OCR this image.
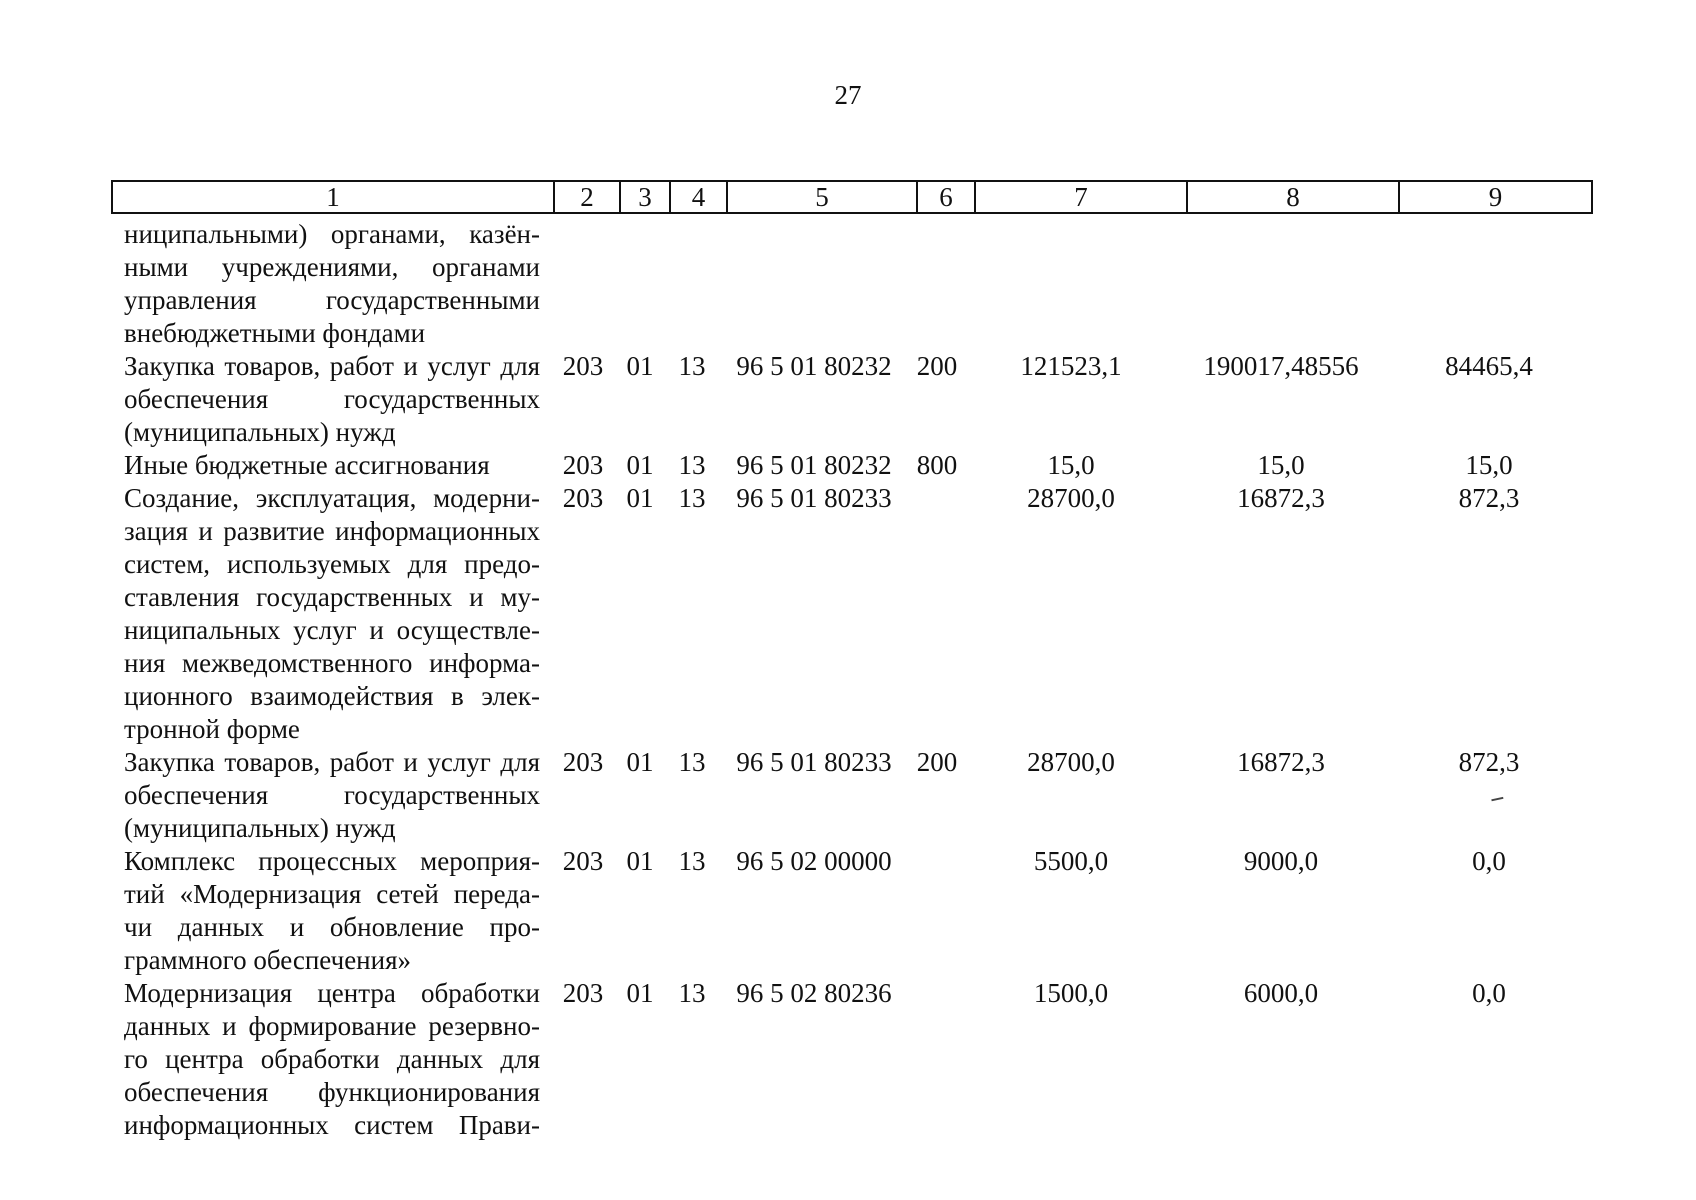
27
1	2	3	4	5	6	7	8	9
ниципальными) органами, казён-
ными учреждениями, органами
управления государственными
внебюджетными фондами
Закупка товаров, работ и услуг для
обеспечения государственных
(муниципальных) нужд
203 01 13	96 5 01 80232 200	121523,1	190017,48556	84465,4
Иные бюджетные ассигнования	203 01 13	96 5 01 80232 800	15,0	15,0	15,0
Создание, эксплуатация, модерни-
зация и развитие информационных
систем, используемых для предо-
ставления государственных и му-
ниципальных услуг и осуществле-
ния межведомственного информа-
ционного взаимодействия в элек-
тронной форме
203 01 13	96 5 01 80233	28700,0	16872,3	872,3
Закупка товаров, работ и услуг для
обеспечения государственных
(муниципальных) нужд
203 01 13	96 5 01 80233 200	28700,0	16872,3	872,3
Комплекс процессных мероприя-
тий «Модернизация сетей переда-
чи данных и обновление про-
граммного обеспечения»
203 01 13	96 5 02 00000	5500,0	9000,0	0,0
Модернизация центра обработки
данных и формирование резервно-
го центра обработки данных для
обеспечения функционирования
информационных систем Прави-
203 01 13	96 5 02 80236	1500,0	6000,0	0,0
